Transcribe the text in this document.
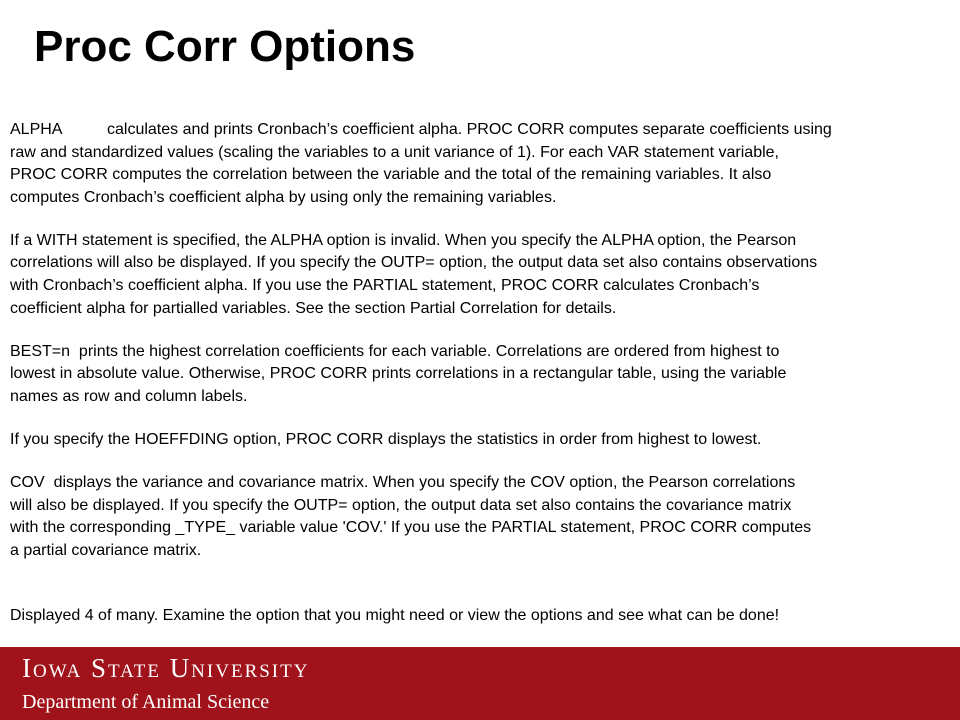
Proc Corr Options

ALPHA	calculates and prints Cronbach’s coefficient alpha. PROC CORR computes separate coefficients using
raw and standardized values (scaling the variables to a unit variance of 1). For each VAR statement variable,
PROC CORR computes the correlation between the variable and the total of the remaining variables. It also
computes Cronbach’s coefficient alpha by using only the remaining variables.

If a WITH statement is specified, the ALPHA option is invalid. When you specify the ALPHA option, the Pearson
correlations will also be displayed. If you specify the OUTP= option, the output data set also contains observations
with Cronbach’s coefficient alpha. If you use the PARTIAL statement, PROC CORR calculates Cronbach’s
coefficient alpha for partialled variables. See the section Partial Correlation for details.

BEST=n prints the highest correlation coefficients for each variable. Correlations are ordered from highest to
lowest in absolute value. Otherwise, PROC CORR prints correlations in a rectangular table, using the variable
names as row and column labels.

If you specify the HOEFFDING option, PROC CORR displays the statistics in order from highest to lowest.

COV displays the variance and covariance matrix. When you specify the COV option, the Pearson correlations
will also be displayed. If you specify the OUTP= option, the output data set also contains the covariance matrix
with the corresponding _TYPE_ variable value 'COV.' If you use the PARTIAL statement, PROC CORR computes
a partial covariance matrix.

Displayed 4 of many. Examine the option that you might need or view the options and see what can be done!

Iowa State University
Department of Animal Science
